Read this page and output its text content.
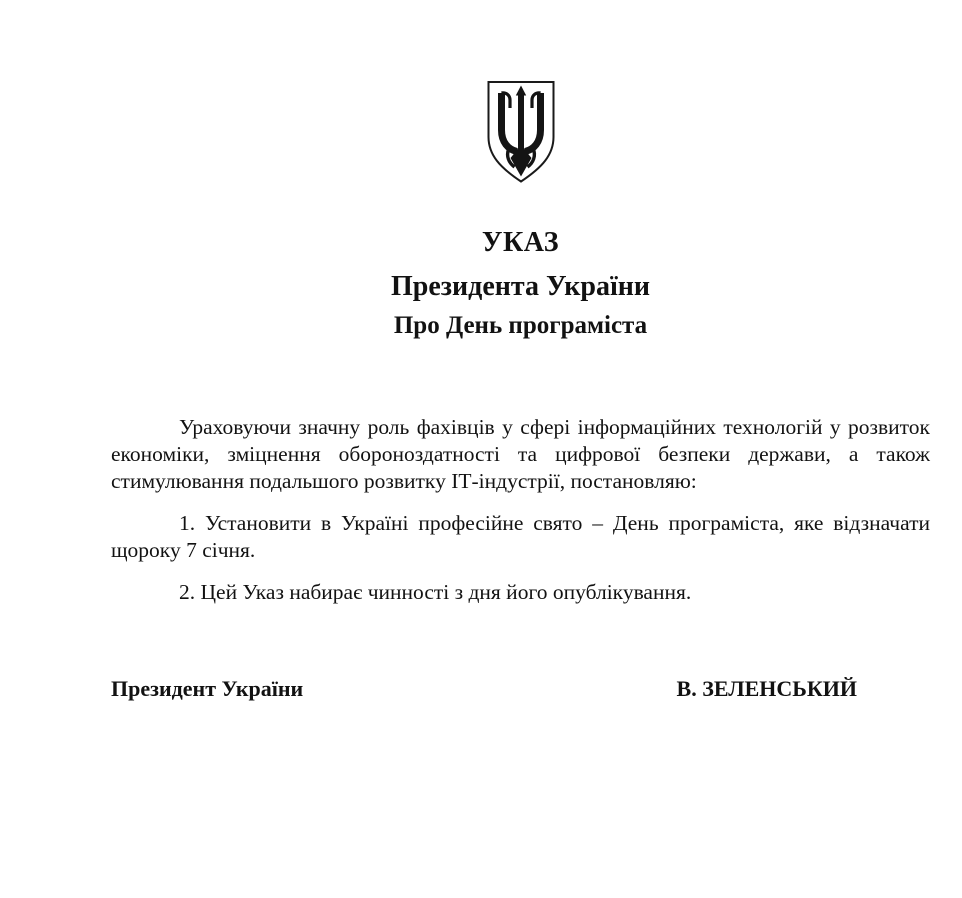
УКАЗ
Президента України
Про День програміста

Ураховуючи значну роль фахівців у сфері інформаційних технологій у розвиток економіки, зміцнення обороноздатності та цифрової безпеки держави, а також стимулювання подальшого розвитку ІТ-індустрії, постановляю:

1. Установити в Україні професійне свято – День програміста, яке відзначати щороку 7 січня.

2. Цей Указ набирає чинності з дня його опублікування.

Президент України	В. ЗЕЛЕНСЬКИЙ
